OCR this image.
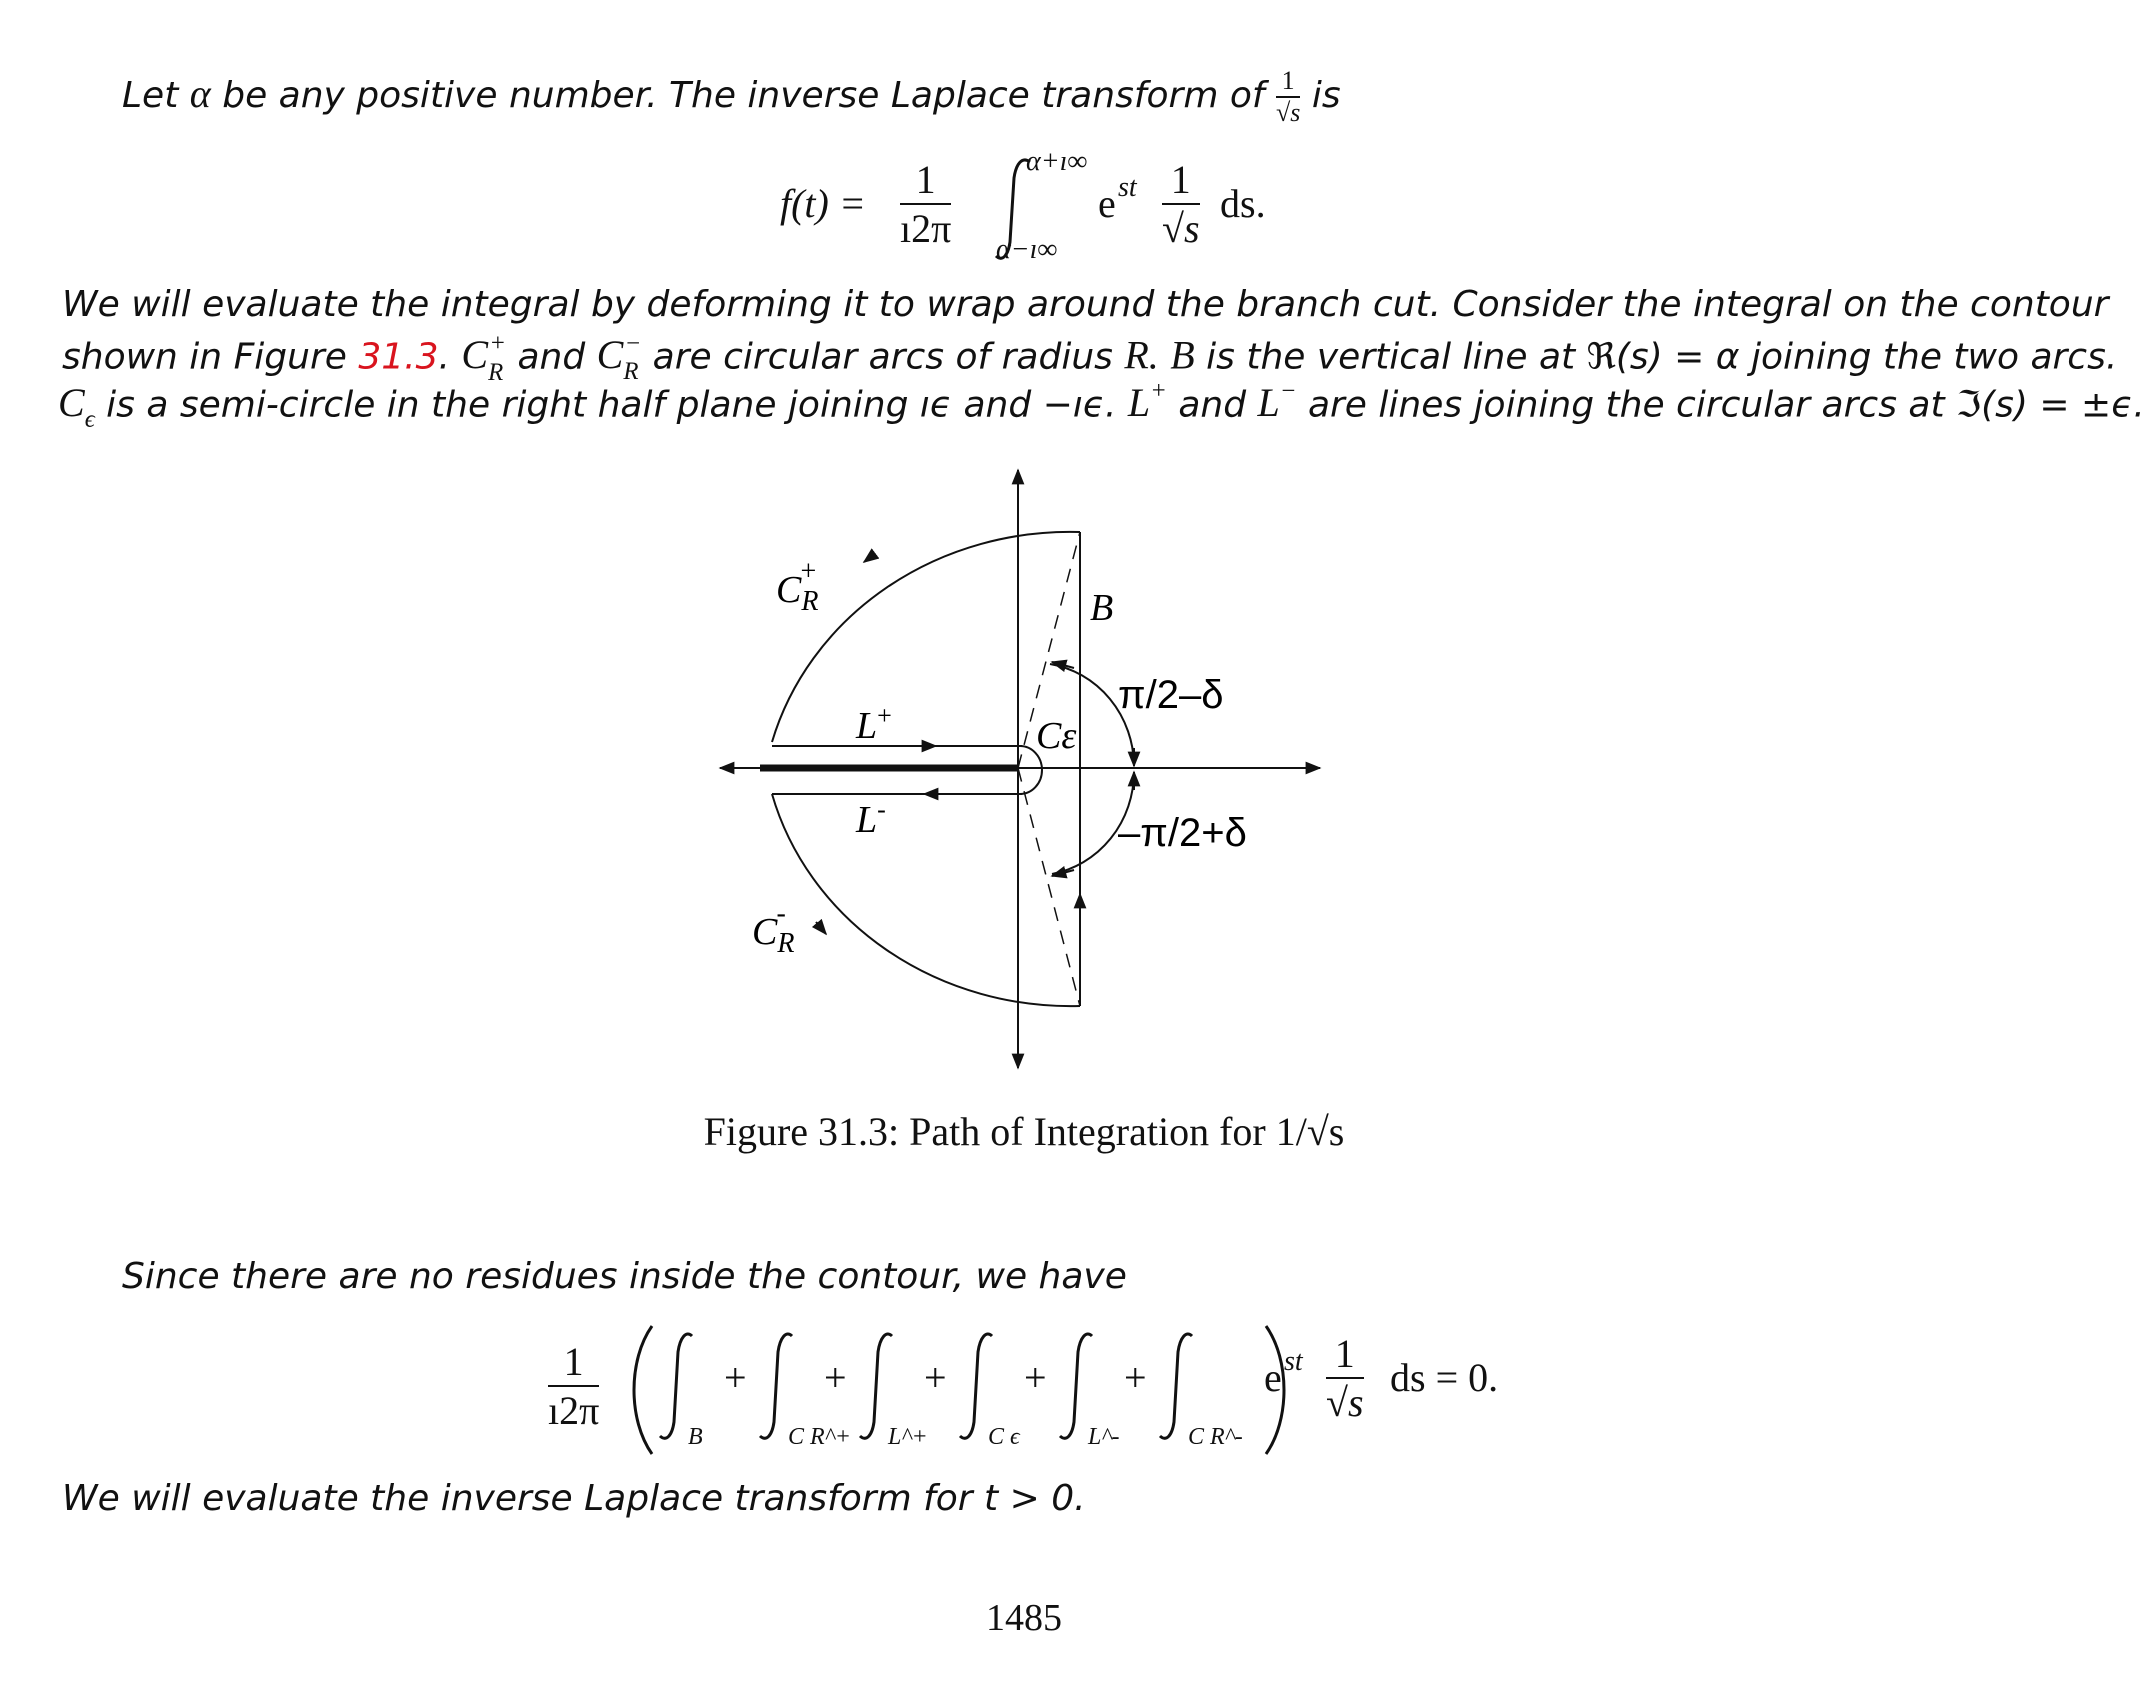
Let α be any positive number. The inverse Laplace transform of $\frac{1}{√s}$ is
$f(t) = \frac{1}{ı2\pi}$	α+ı∞
α−ı∞
e st $\frac{1}{√s}$ ds.
We will evaluate the integral by deforming it to wrap around the branch cut. Consider the integral on the contour
shown in Figure 31.3. $C_R^+$ and $C_R^-$ are circular arcs of radius R. B is the vertical line at ℜ(s) = α joining the two arcs.
$C_\epsilon$ is a semi-circle in the right half plane joining ıϵ and −ıϵ. L+ and L− are lines joining the circular arcs at ℑ(s) = ±ϵ.
$C_R+$
$C_R-$
B
L+
L-
Cε
π/2–δ
–π/2+δ
Figure 31.3: Path of Integration for 1/√s
Since there are no residues inside the contour, we have
$\frac{1}{ı2\pi}$
B
+
C R^+
+
L^+
+
C ϵ
+
L^-
+
C R^-
e st $\frac{1}{√s}$ ds = 0.
We will evaluate the inverse Laplace transform for t > 0.
1485
